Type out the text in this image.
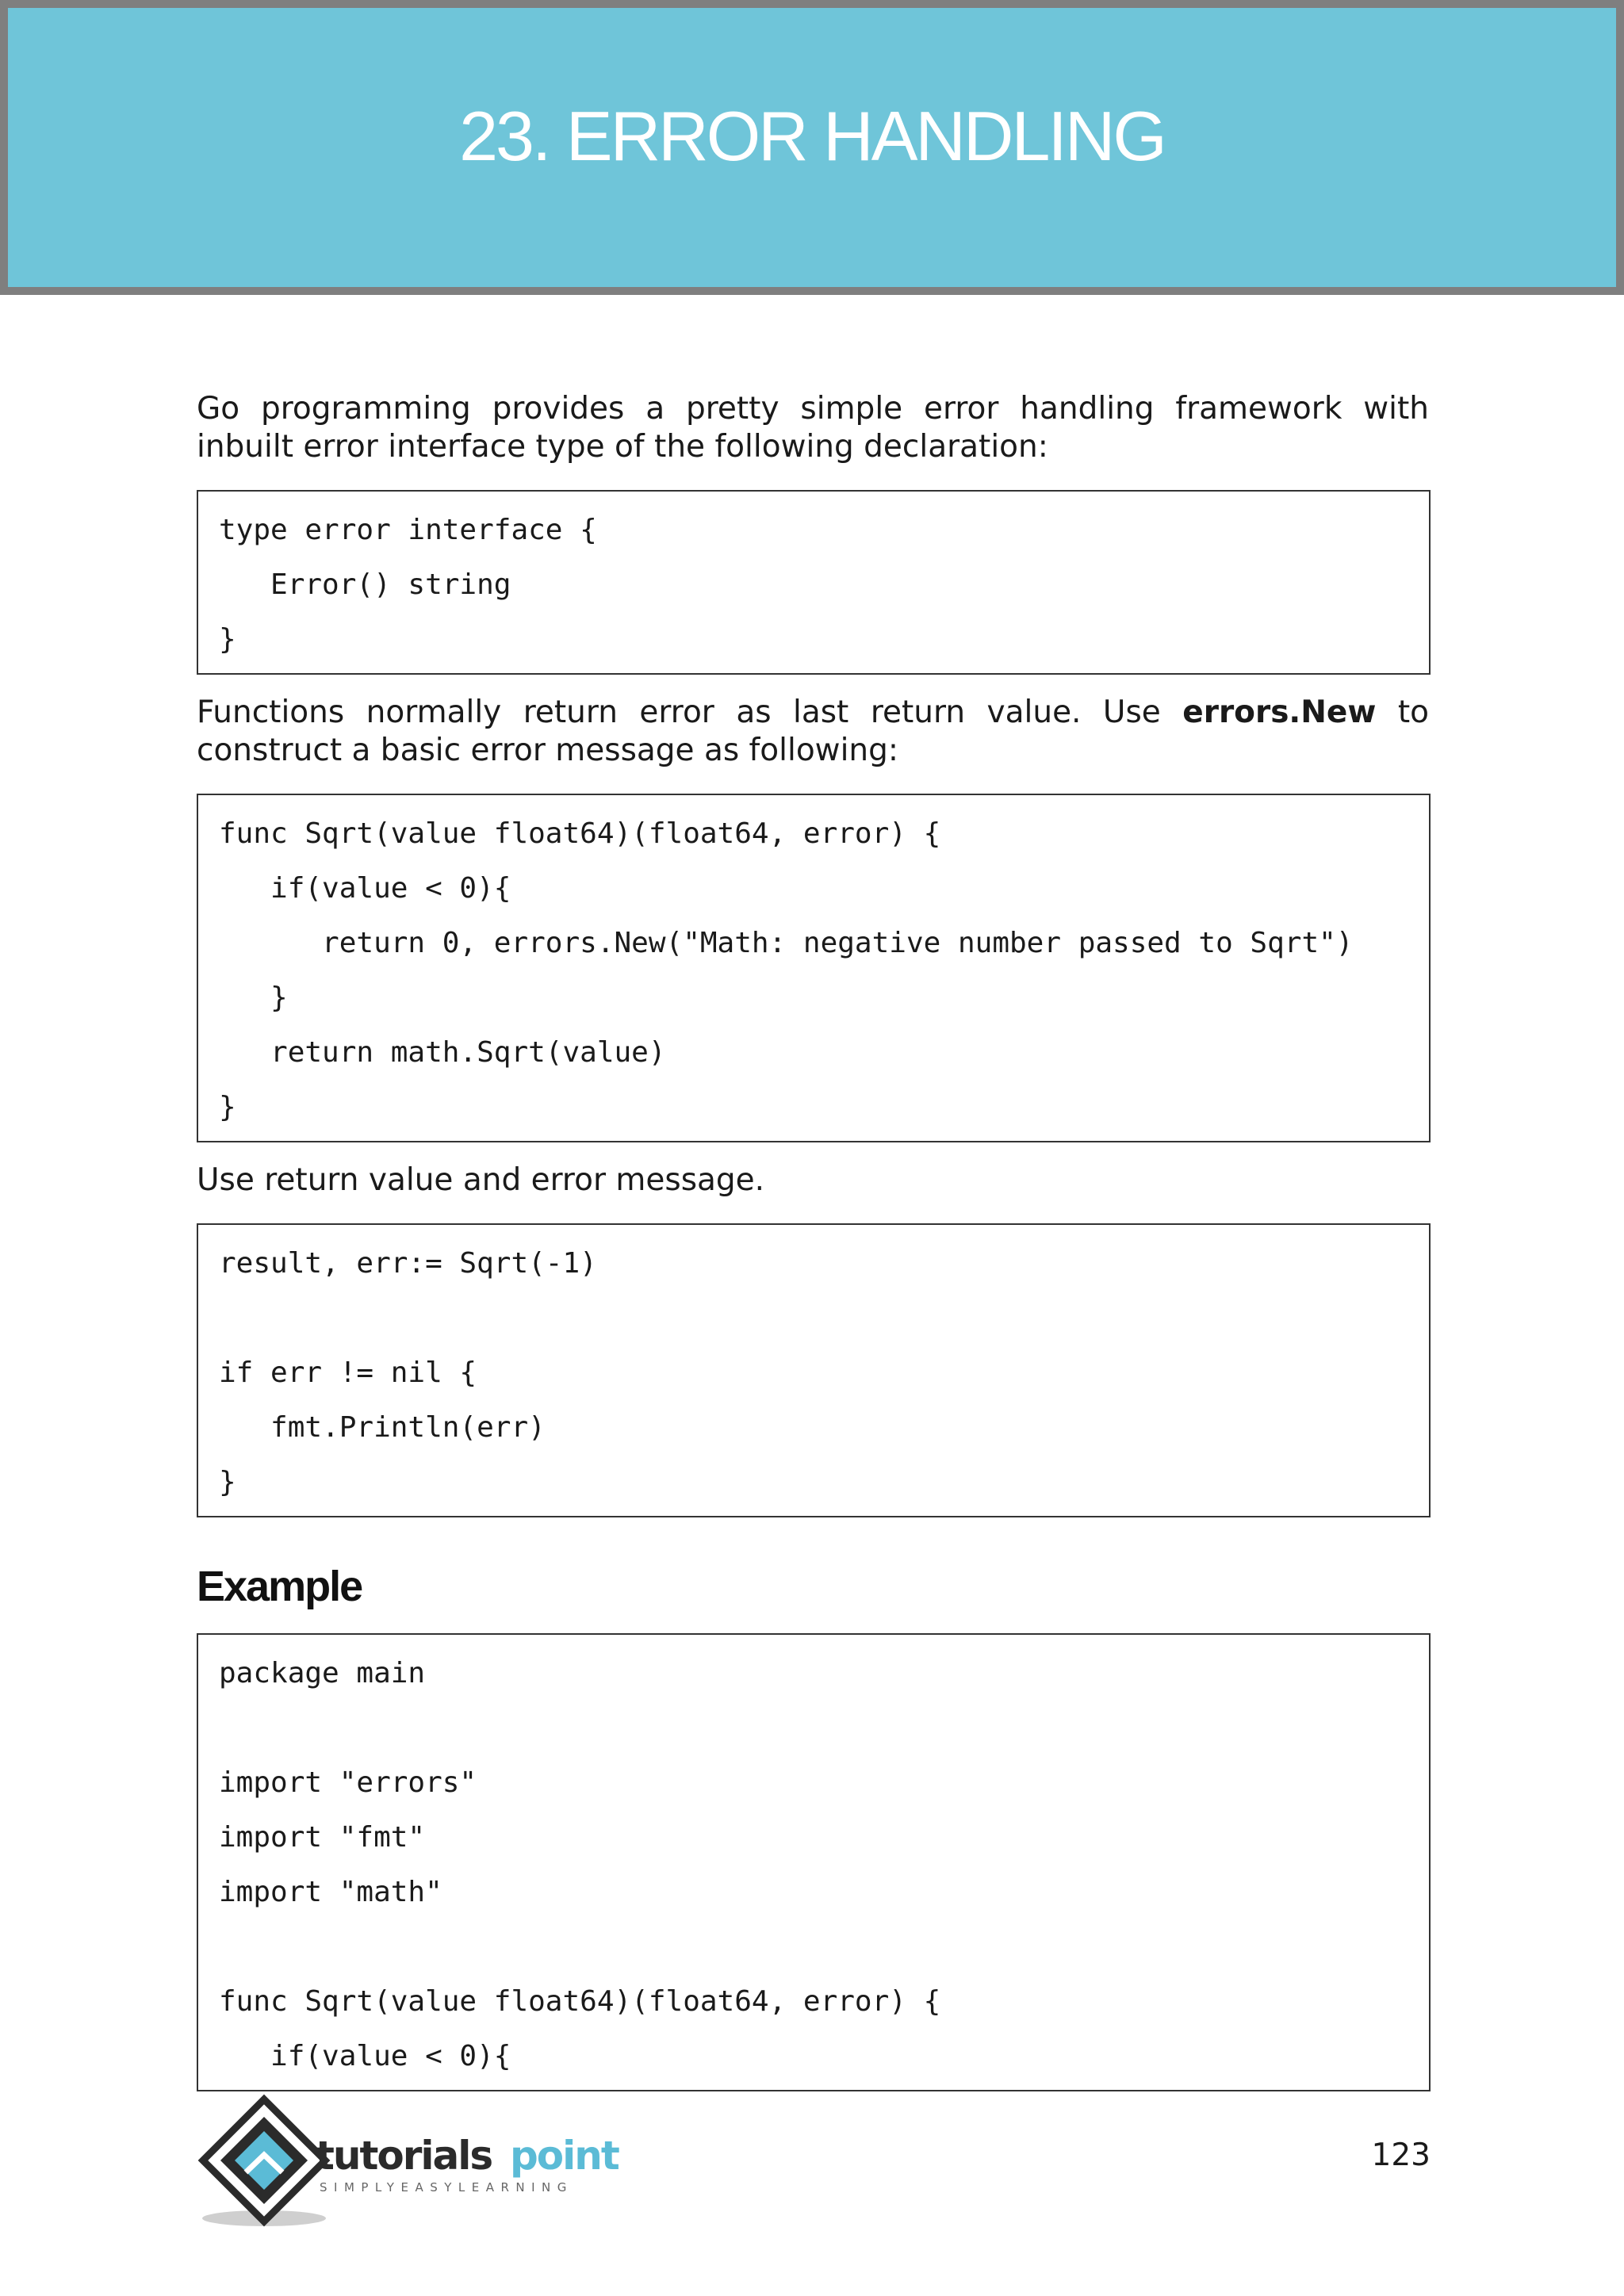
23. ERROR HANDLING

Go programming provides a pretty simple error handling framework with inbuilt error interface type of the following declaration:

type error interface {
Error() string
}

Functions normally return error as last return value. Use errors.New to construct a basic error message as following:

func Sqrt(value float64)(float64, error) {
if(value < 0){
return 0, errors.New("Math: negative number passed to Sqrt")
}
return math.Sqrt(value)
}

Use return value and error message.

result, err:= Sqrt(-1)
if err != nil {
fmt.Println(err)
}
Example
package main
import "errors"
import "fmt"
import "math"
func Sqrt(value float64)(float64, error) {
if(value < 0){
tutorials point
SIMPLYEASYLEARNING
123
